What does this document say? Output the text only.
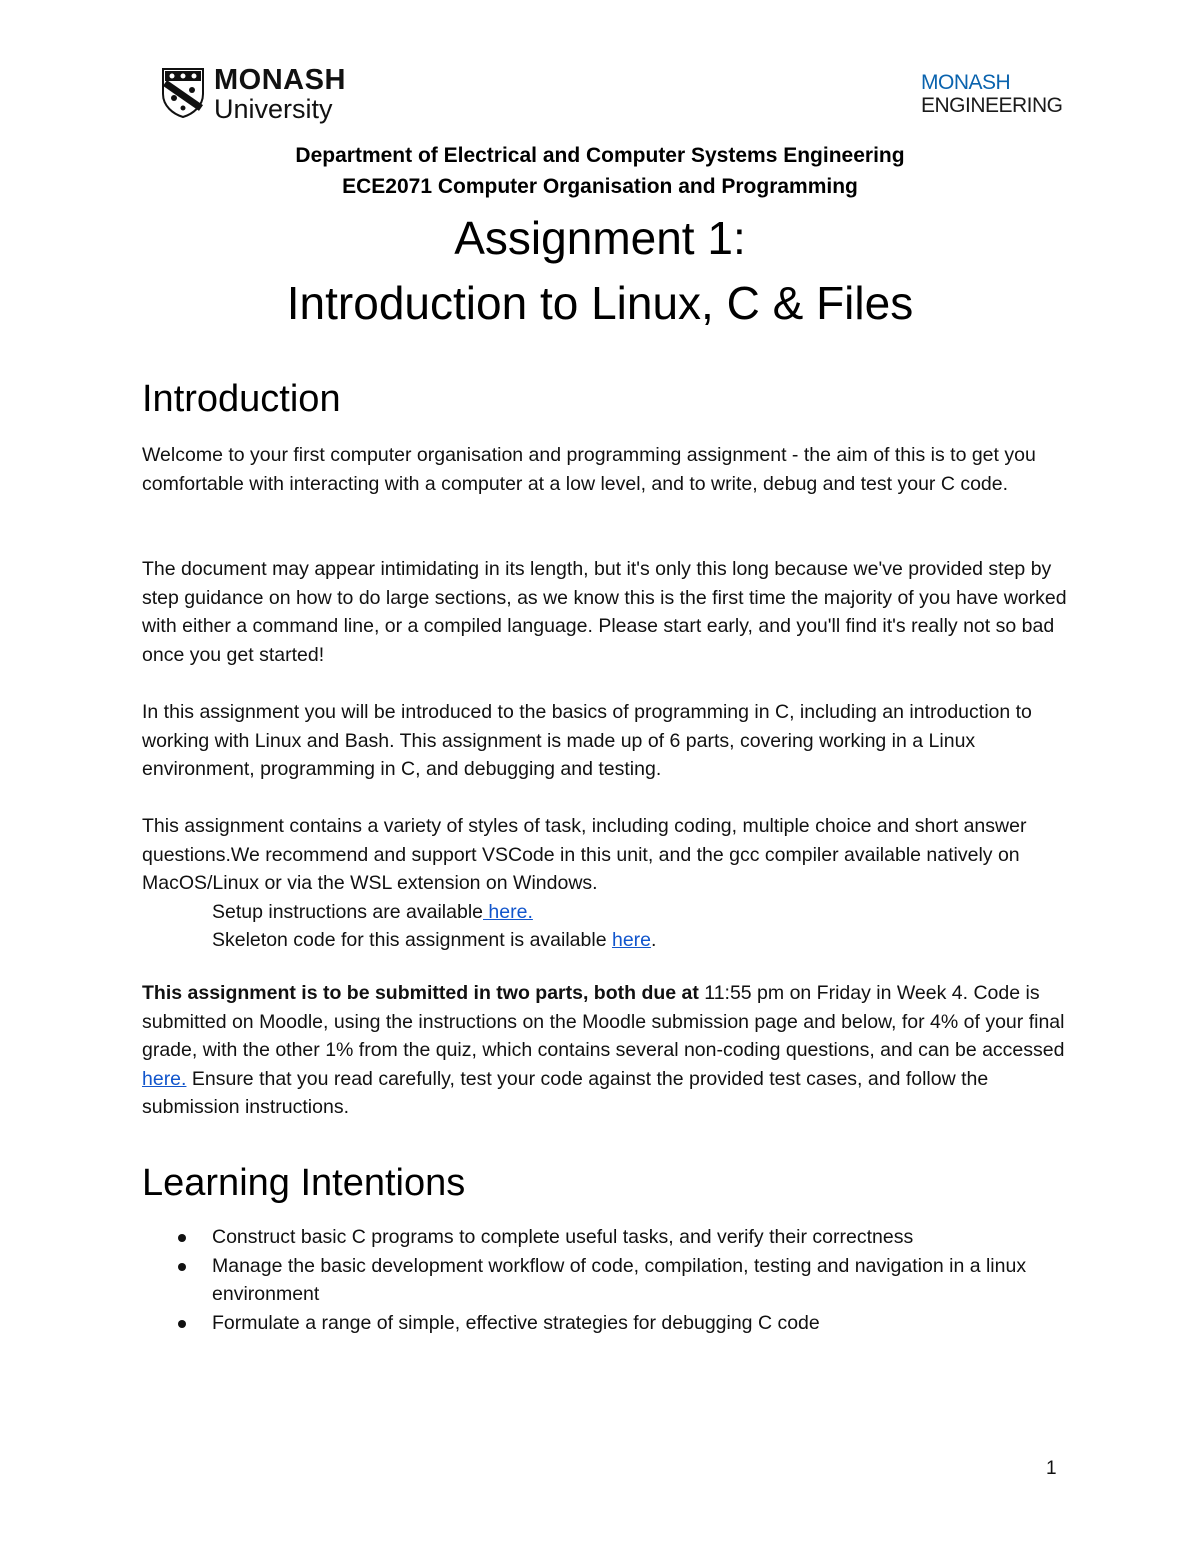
MONASH
University
MONASH
ENGINEERING
Department of Electrical and Computer Systems Engineering
ECE2071 Computer Organisation and Programming
Assignment 1:
Introduction to Linux, C & Files
Introduction

Welcome to your first computer organisation and programming assignment - the aim of this is to get you comfortable with interacting with a computer at a low level, and to write, debug and test your C code.

The document may appear intimidating in its length, but it's only this long because we've provided step by step guidance on how to do large sections, as we know this is the first time the majority of you have worked with either a command line, or a compiled language. Please start early, and you'll find it's really not so bad once you get started!

In this assignment you will be introduced to the basics of programming in C, including an introduction to working with Linux and Bash. This assignment is made up of 6 parts, covering working in a Linux environment, programming in C, and debugging and testing.

This assignment contains a variety of styles of task, including coding, multiple choice and short answer questions.We recommend and support VSCode in this unit, and the gcc compiler available natively on MacOS/Linux or via the WSL extension on Windows.

Setup instructions are available here.

Skeleton code for this assignment is available here.

This assignment is to be submitted in two parts, both due at 11:55 pm on Friday in Week 4. Code is submitted on Moodle, using the instructions on the Moodle submission page and below, for 4% of your final grade, with the other 1% from the quiz, which contains several non-coding questions, and can be accessed here. Ensure that you read carefully, test your code against the provided test cases, and follow the submission instructions.

Learning Intentions
Construct basic C programs to complete useful tasks, and verify their correctness
Manage the basic development workflow of code, compilation, testing and navigation in a linux environment
Formulate a range of simple, effective strategies for debugging C code
1
